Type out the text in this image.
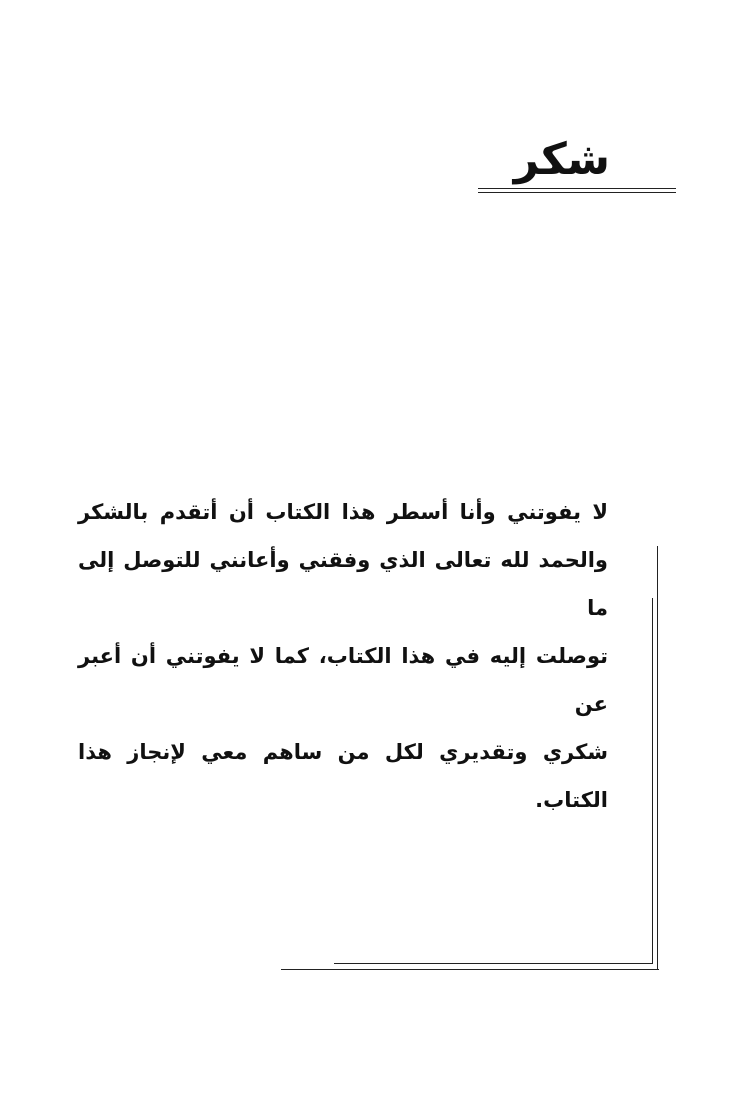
شكر
لا يفوتني وأنا أسطر هذا الكتاب أن أتقدم بالشكر
والحمد لله تعالى الذي وفقني وأعانني للتوصل إلى ما
توصلت إليه في هذا الكتاب، كما لا يفوتني أن أعبر عن
شكري وتقديري لكل من ساهم معي لإنجاز هذا الكتاب.
